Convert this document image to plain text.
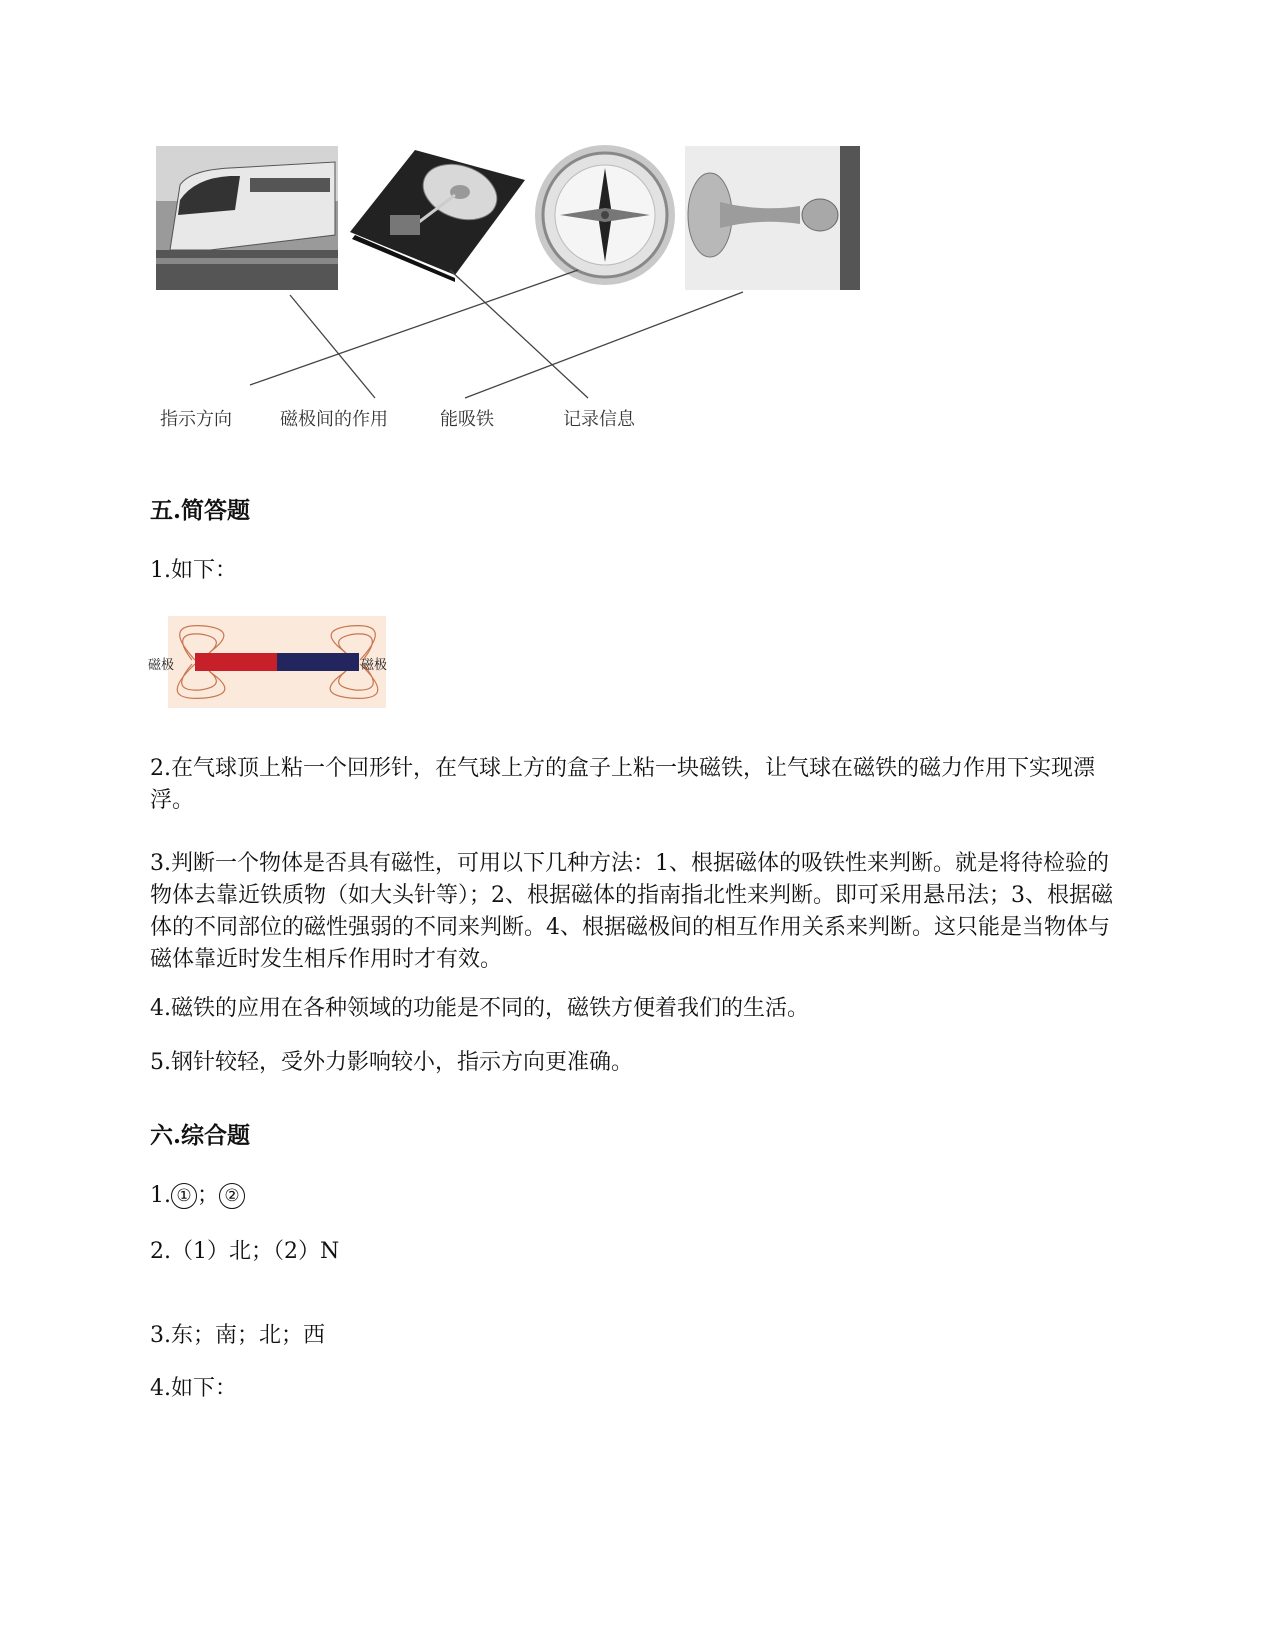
指示方向	磁极间的作用	能吸铁	记录信息
五.简答题

1.如下：

磁极	磁极

2.在气球顶上粘一个回形针，在气球上方的盒子上粘一块磁铁，让气球在磁铁的磁力作用下实现漂浮。

3.判断一个物体是否具有磁性，可用以下几种方法：1、根据磁体的吸铁性来判断。就是将待检验的物体去靠近铁质物（如大头针等）；2、根据磁体的指南指北性来判断。即可采用悬吊法；3、根据磁体的不同部位的磁性强弱的不同来判断。4、根据磁极间的相互作用关系来判断。这只能是当物体与磁体靠近时发生相斥作用时才有效。

4.磁铁的应用在各种领域的功能是不同的，磁铁方便着我们的生活。

5.钢针较轻，受外力影响较小，指示方向更准确。

六.综合题

1. ① ； ②

2.（1）北；（2）N

3.东；南；北；西

4.如下：
